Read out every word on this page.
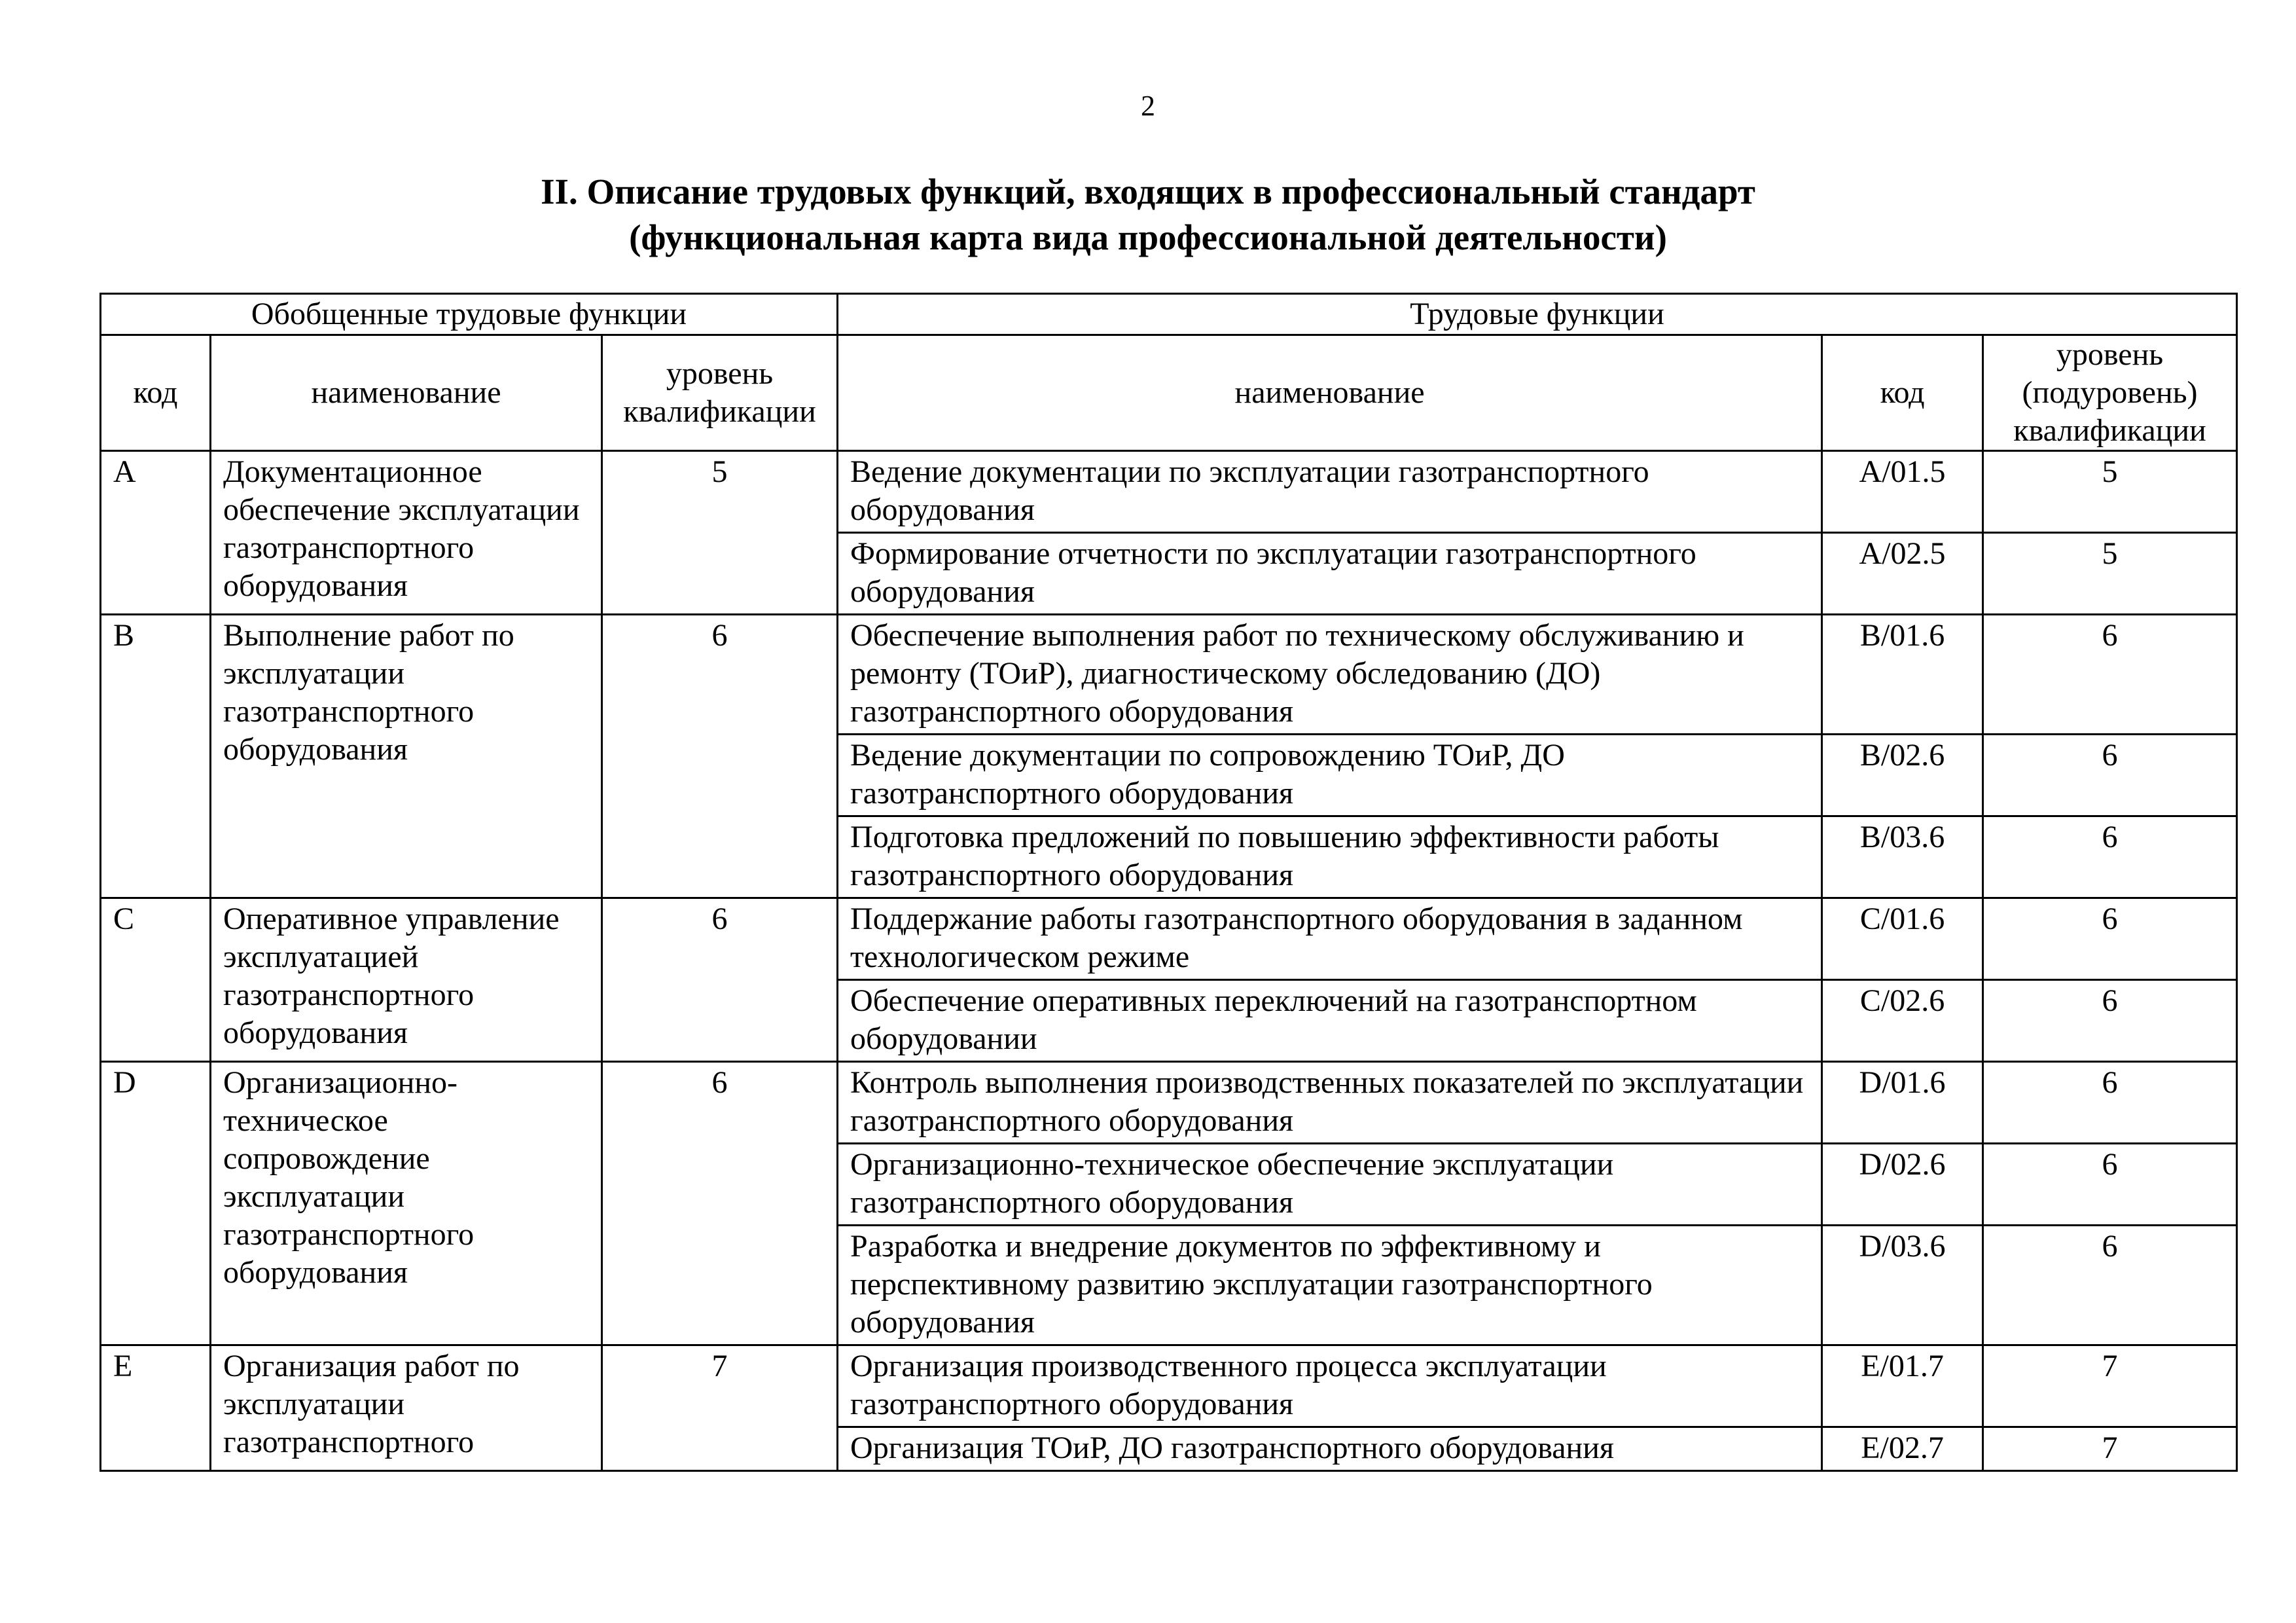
2
II. Описание трудовых функций, входящих в профессиональный стандарт
(функциональная карта вида профессиональной деятельности)
Обобщенные трудовые функции			Трудовые функции		
код	наименование	уровень квалификации	наименование	код	уровень (подуровень) квалификации
A	Документационное обеспечение эксплуатации газотранспортного оборудования	5	Ведение документации по эксплуатации газотранспортного оборудования	A/01.5	5
			Формирование отчетности по эксплуатации газотранспортного оборудования	A/02.5	5
B	Выполнение работ по эксплуатации газотранспортного оборудования	6	Обеспечение выполнения работ по техническому обслуживанию и ремонту (ТОиР), диагностическому обследованию (ДО) газотранспортного оборудования	B/01.6	6
			Ведение документации по сопровождению ТОиР, ДО газотранспортного оборудования	B/02.6	6
			Подготовка предложений по повышению эффективности работы газотранспортного оборудования	B/03.6	6
C	Оперативное управление эксплуатацией газотранспортного оборудования	6	Поддержание работы газотранспортного оборудования в заданном технологическом режиме	C/01.6	6
			Обеспечение оперативных переключений на газотранспортном оборудовании	C/02.6	6
D	Организационно-техническое сопровождение эксплуатации газотранспортного оборудования	6	Контроль выполнения производственных показателей по эксплуатации газотранспортного оборудования	D/01.6	6
			Организационно-техническое обеспечение эксплуатации газотранспортного оборудования	D/02.6	6
			Разработка и внедрение документов по эффективному и перспективному развитию эксплуатации газотранспортного оборудования	D/03.6	6
E	Организация работ по эксплуатации газотранспортного	7	Организация производственного процесса эксплуатации газотранспортного оборудования	E/01.7	7
			Организация ТОиР, ДО газотранспортного оборудования	E/02.7	7
